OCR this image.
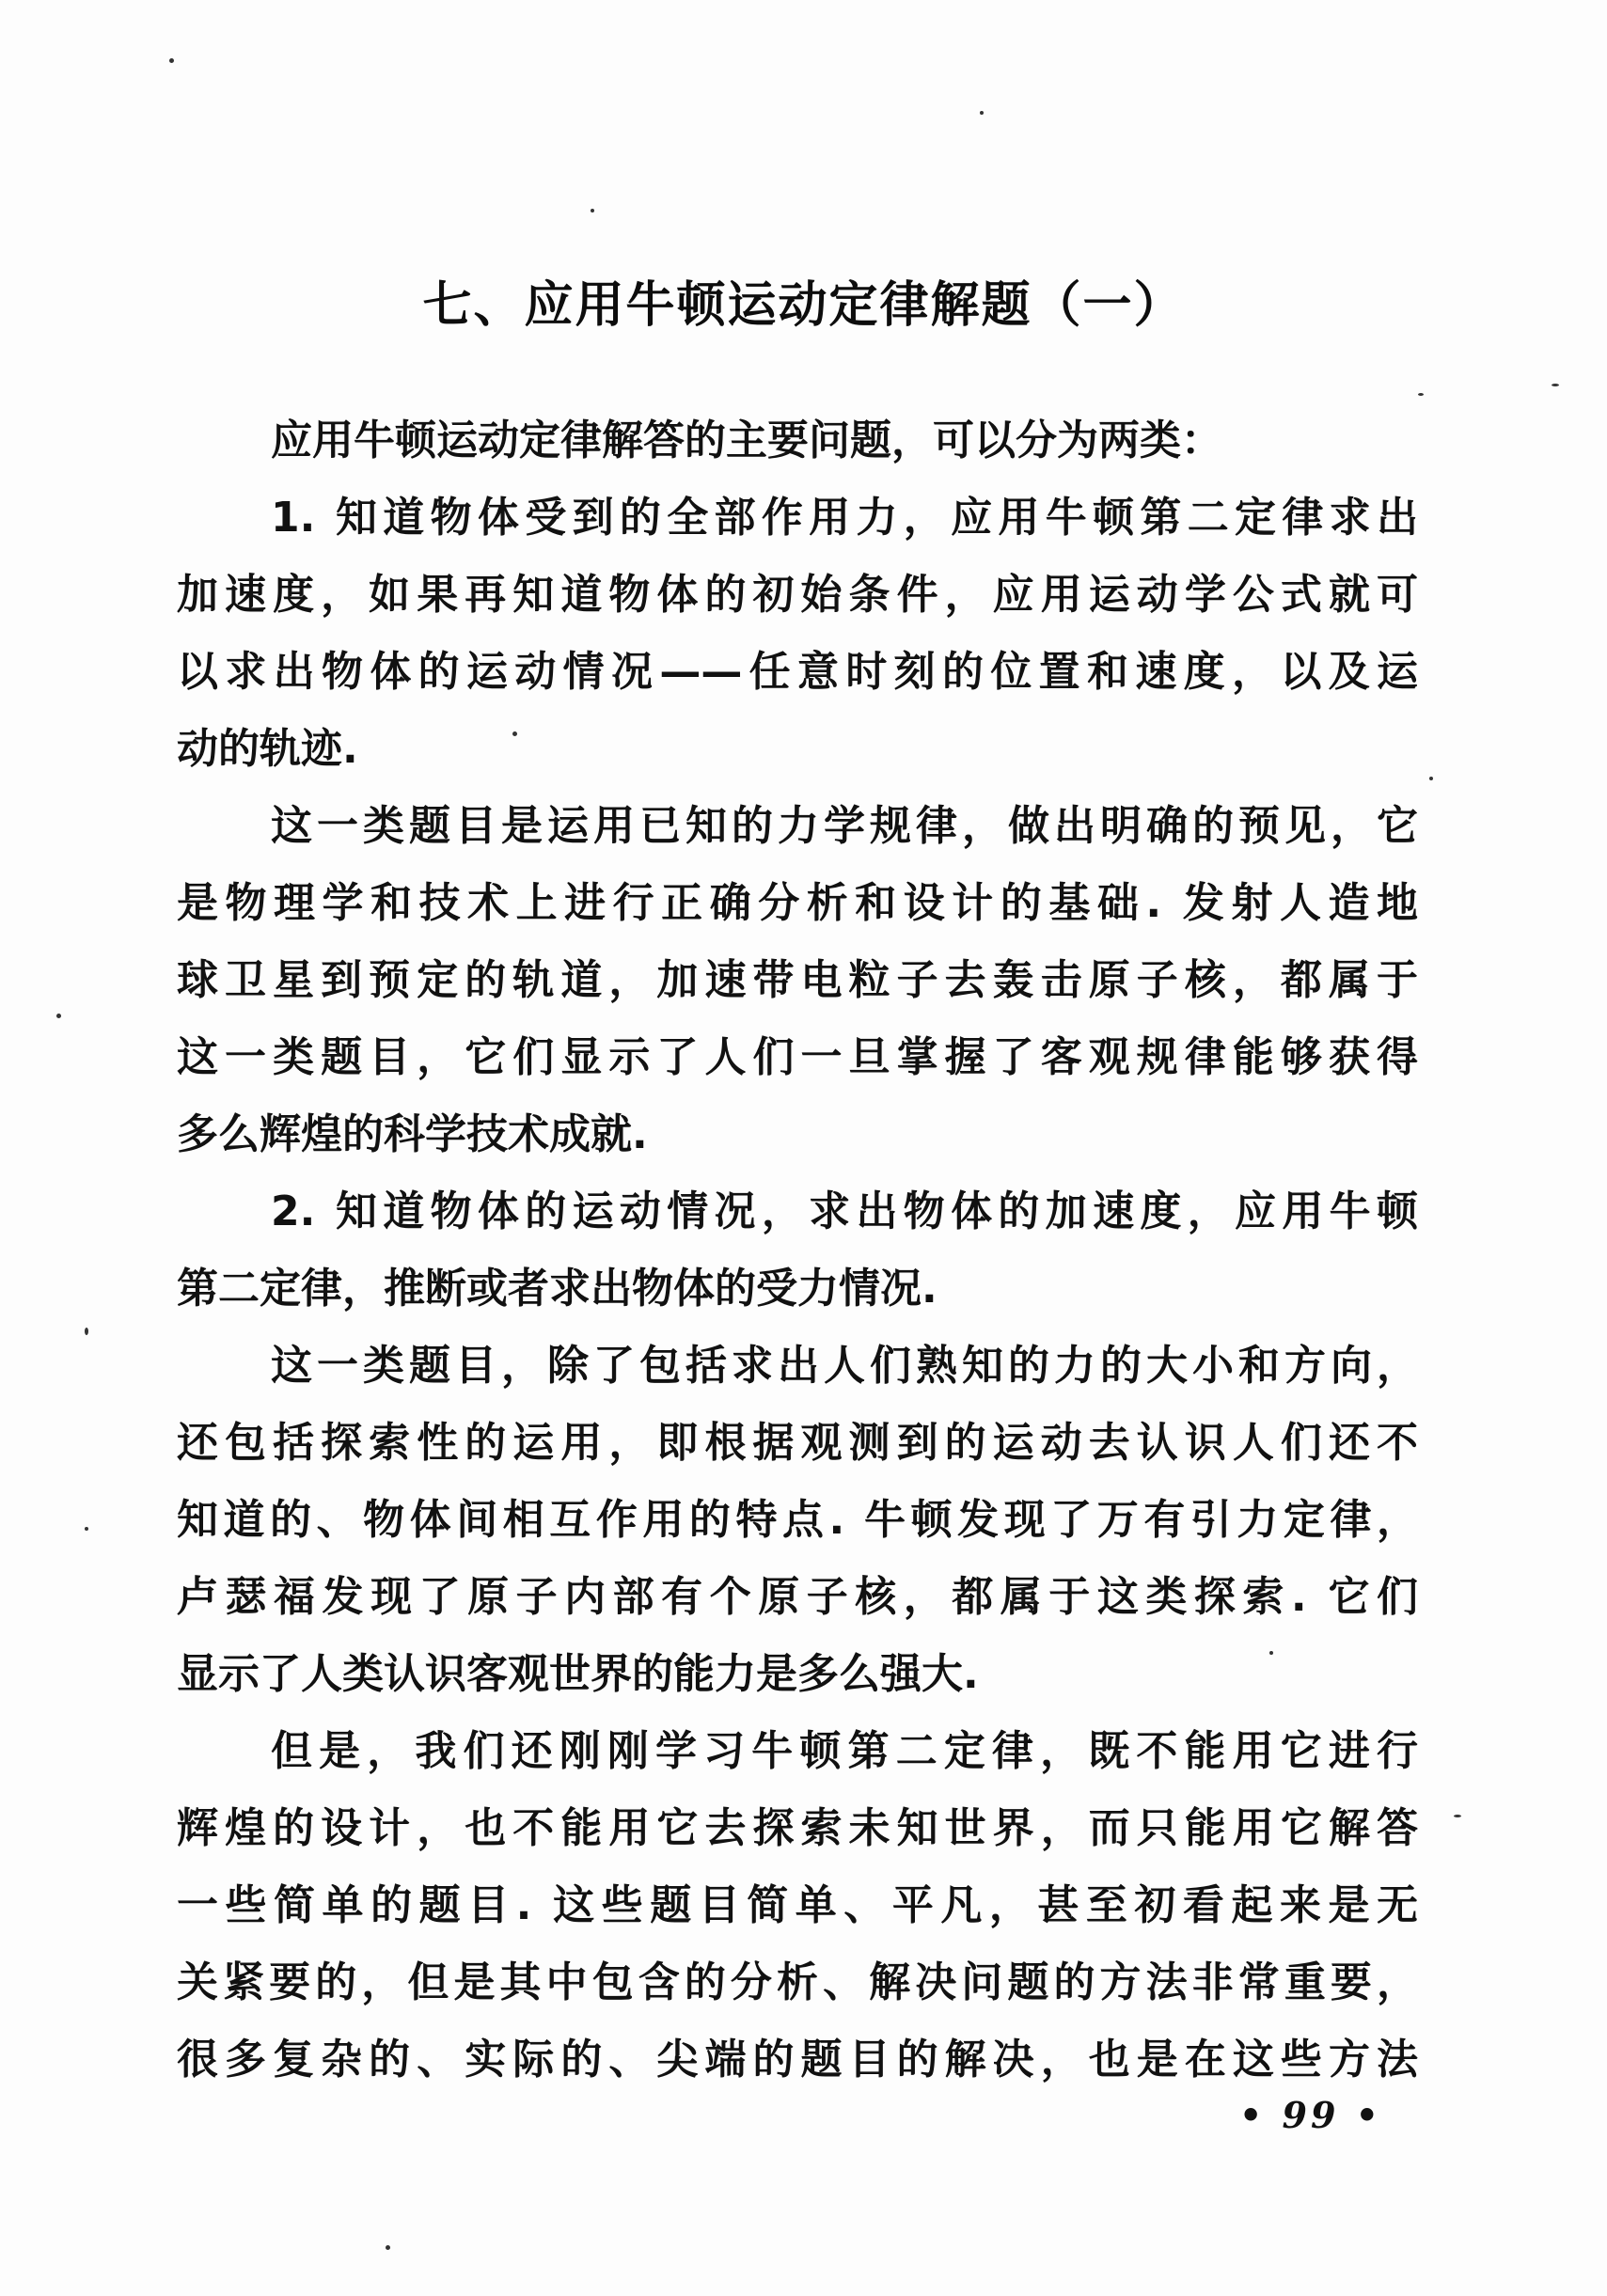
七、应用牛顿运动定律解题（一）
应用牛顿运动定律解答的主要问题，可以分为两类：
1. 知道物体受到的全部作用力，应用牛顿第二定律求出
加速度，如果再知道物体的初始条件，应用运动学公式就可
以求出物体的运动情况——任意时刻的位置和速度，以及运
动的轨迹.
这一类题目是运用已知的力学规律，做出明确的预见，它
是物理学和技术上进行正确分析和设计的基础. 发射人造地
球卫星到预定的轨道，加速带电粒子去轰击原子核，都属于
这一类题目，它们显示了人们一旦掌握了客观规律能够获得
多么辉煌的科学技术成就.
2. 知道物体的运动情况，求出物体的加速度，应用牛顿
第二定律，推断或者求出物体的受力情况.
这一类题目，除了包括求出人们熟知的力的大小和方向，
还包括探索性的运用，即根据观测到的运动去认识人们还不
知道的、物体间相互作用的特点. 牛顿发现了万有引力定律，
卢瑟福发现了原子内部有个原子核，都属于这类探索. 它们
显示了人类认识客观世界的能力是多么强大.
但是，我们还刚刚学习牛顿第二定律，既不能用它进行
辉煌的设计，也不能用它去探索未知世界，而只能用它解答
一些简单的题目. 这些题目简单、平凡，甚至初看起来是无
关紧要的，但是其中包含的分析、解决问题的方法非常重要，
很多复杂的、实际的、尖端的题目的解决，也是在这些方法
• 99 •
